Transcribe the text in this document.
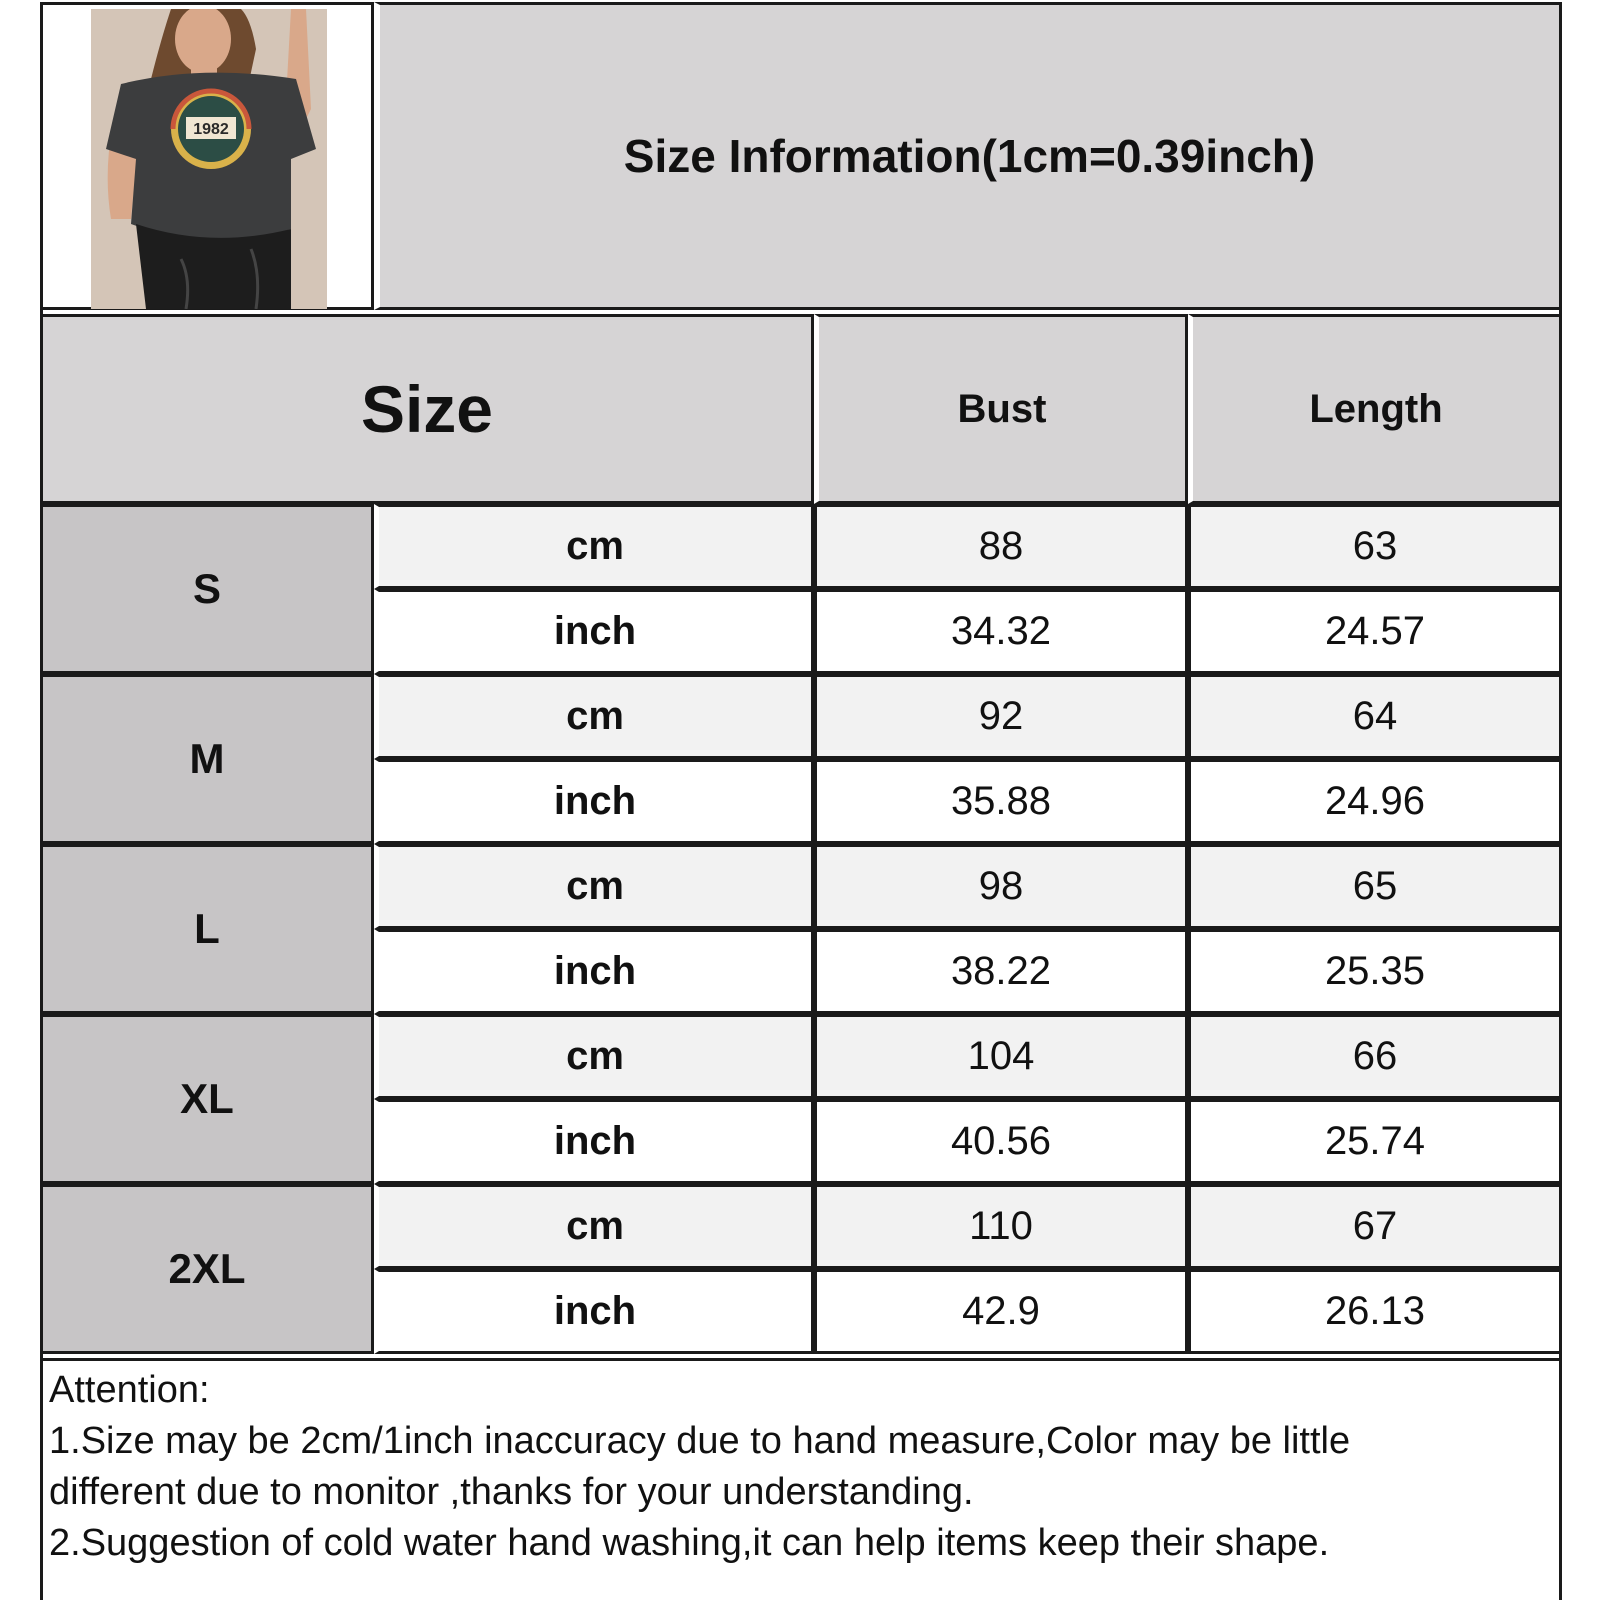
1982
Size Information(1cm=0.39inch)
Size	Bust	Length
S
cm	88	63
inch	34.32	24.57
M
cm	92	64
inch	35.88	24.96
L
cm	98	65
inch	38.22	25.35
XL
cm	104	66
inch	40.56	25.74
2XL
cm	110	67
inch	42.9	26.13
Attention:
1.Size may be 2cm/1inch inaccuracy due to hand measure,Color may be little
different due to monitor ,thanks for your understanding.
2.Suggestion of cold water hand washing,it can help items keep their shape.
